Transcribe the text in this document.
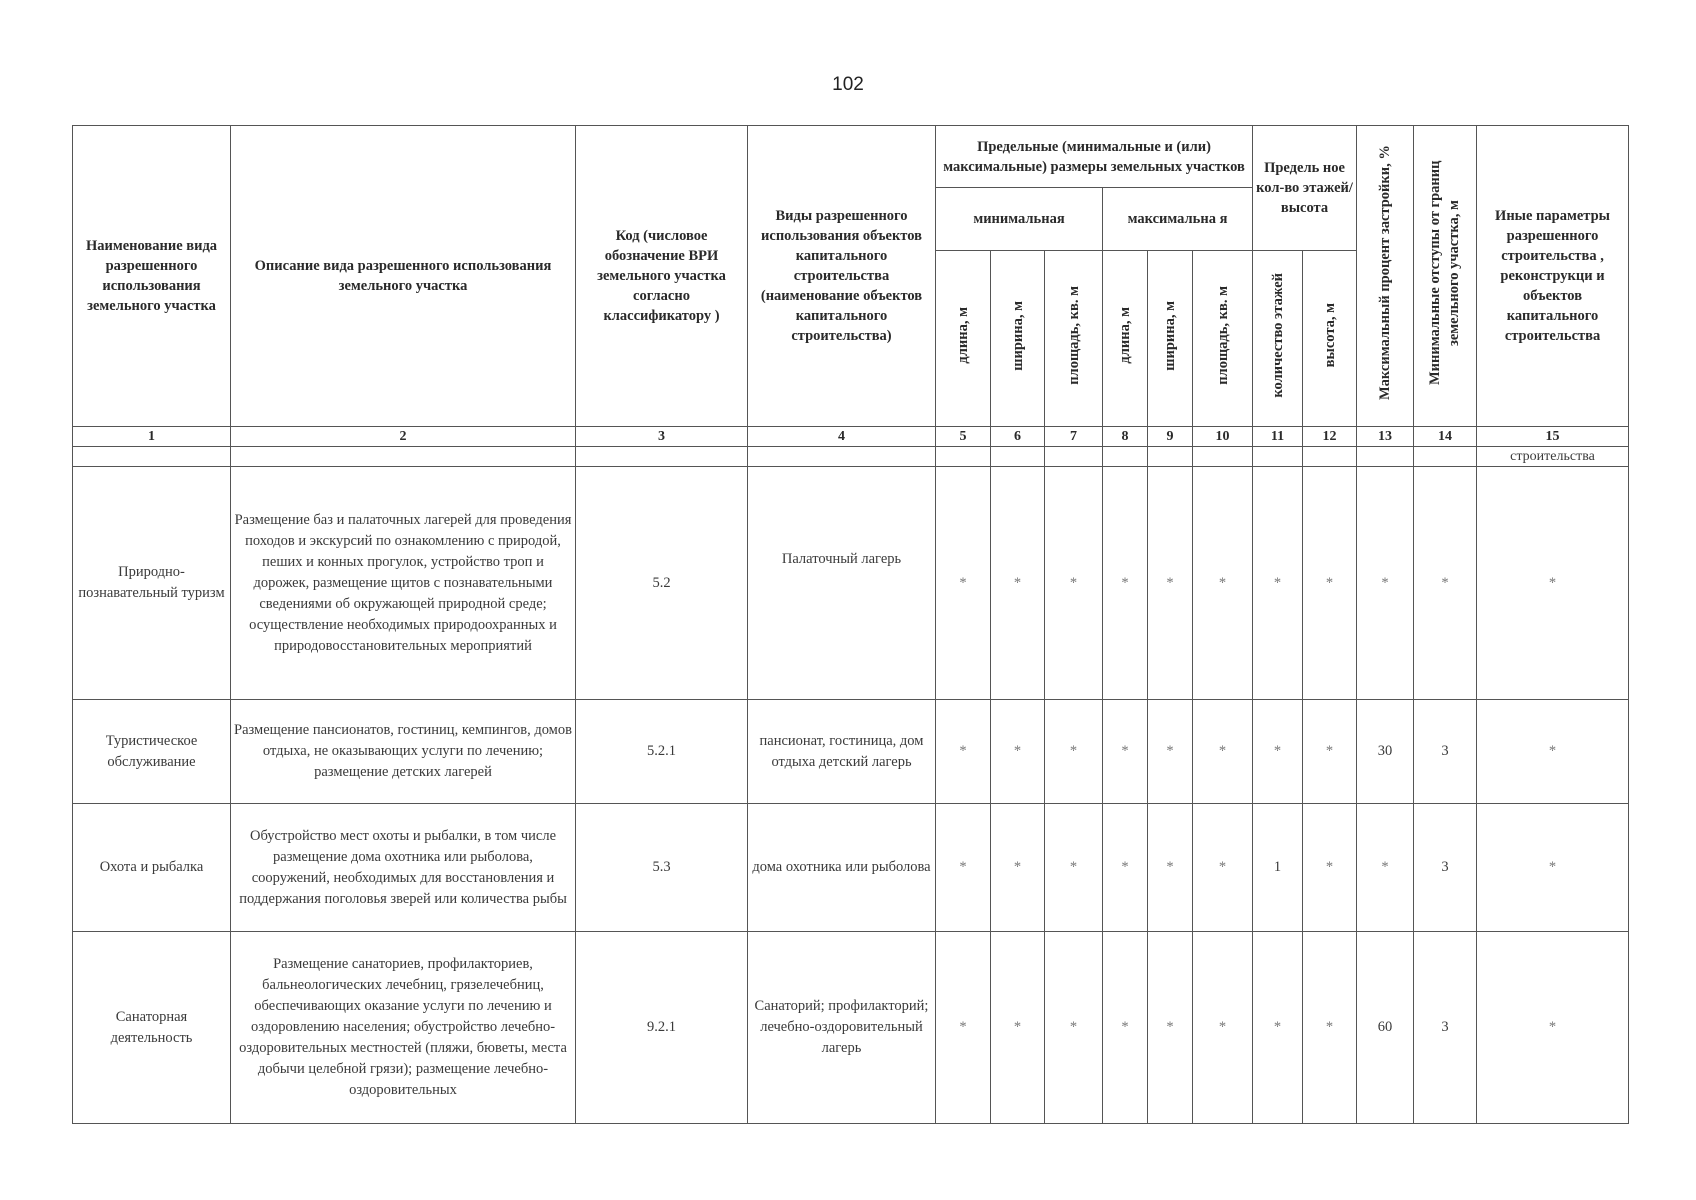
102
Наименование вида разрешенного использования земельного участка	Описание вида разрешенного использования земельного участка	Код (числовое обозначение ВРИ земельного участка согласно классификатору )	Виды разрешенного использования объектов капитального строительства (наименование объектов капитального строительства)	Предельные (минимальные и (или) максимальные) размеры земельных участков						Предель ное кол-во этажей/ высота		Максимальный процент застройки, %	Минимальные отступы от границ земельного участка, м	Иные параметры разрешенного строительства , реконструкци и объектов капитального строительства
				минимальная			максимальна я							
				длина, м	ширина, м	площадь, кв. м	длина, м	ширина, м	площадь, кв. м	количество этажей	высота, м			
1	2	3	4	5	6	7	8	9	10	11	12	13	14	15
														строительства
Природно-познавательный туризм	Размещение баз и палаточных лагерей для проведения походов и экскурсий по ознакомлению с природой, пеших и конных прогулок, устройство троп и дорожек, размещение щитов с познавательными сведениями об окружающей природной среде; осуществление необходимых природоохранных и природовосстановительных мероприятий	5.2	Палаточный лагерь	*	*	*	*	*	*	*	*	*	*	*
Туристическое обслуживание	Размещение пансионатов, гостиниц, кемпингов, домов отдыха, не оказывающих услуги по лечению; размещение детских лагерей	5.2.1	пансионат, гостиница, дом отдыха детский лагерь	*	*	*	*	*	*	*	*	30	3	*
Охота и рыбалка	Обустройство мест охоты и рыбалки, в том числе размещение дома охотника или рыболова, сооружений, необходимых для восстановления и поддержания поголовья зверей или количества рыбы	5.3	дома охотника или рыболова	*	*	*	*	*	*	1	*	*	3	*
Санаторная деятельность	Размещение санаториев, профилакториев, бальнеологических лечебниц, грязелечебниц, обеспечивающих оказание услуги по лечению и оздоровлению населения; обустройство лечебно-оздоровительных местностей (пляжи, бюветы, места добычи целебной грязи); размещение лечебно-оздоровительных	9.2.1	Санаторий; профилакторий; лечебно-оздоровительный лагерь	*	*	*	*	*	*	*	*	60	3	*
